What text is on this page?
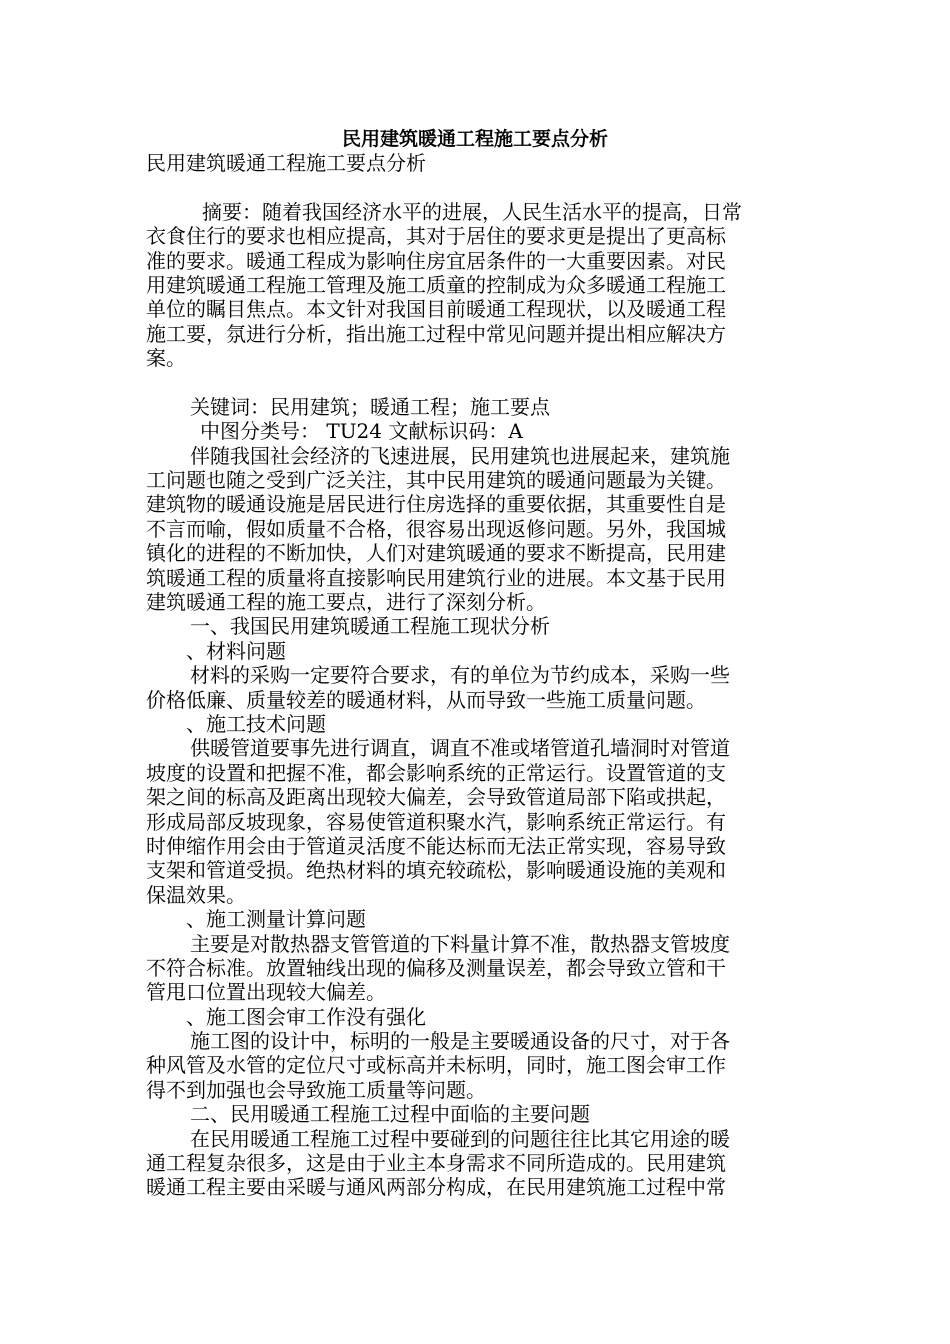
民用建筑暖通工程施工要点分析
民用建筑暖通工程施工要点分析
摘要：随着我国经济水平的进展，人民生活水平的提高，日常
衣食住行的要求也相应提高，其对于居住的要求更是提出了更高标
准的要求。暖通工程成为影响住房宜居条件的一大重要因素。对民
用建筑暖通工程施工管理及施工质童的控制成为众多暖通工程施工
单位的瞩目焦点。本文针对我国目前暖通工程现状，以及暖通工程
施工要，氛进行分析，指出施工过程中常见问题并提出相应解决方
案。
关键词：民用建筑；暖通工程；施工要点
中图分类号： TU24 文献标识码：A
伴随我国社会经济的飞速进展，民用建筑也进展起来，建筑施
工问题也随之受到广泛关注，其中民用建筑的暖通问题最为关键。
建筑物的暖通设施是居民进行住房选择的重要依据，其重要性自是
不言而喻，假如质量不合格，很容易出现返修问题。另外，我国城
镇化的进程的不断加快，人们对建筑暖通的要求不断提高，民用建
筑暖通工程的质量将直接影响民用建筑行业的进展。本文基于民用
建筑暖通工程的施工要点，进行了深刻分析。
一、我国民用建筑暖通工程施工现状分析
、材料问题
材料的采购一定要符合要求，有的单位为节约成本，采购一些
价格低廉、质量较差的暖通材料，从而导致一些施工质量问题。
、施工技术问题
供暖管道要事先进行调直，调直不准或堵管道孔墙洞时对管道
坡度的设置和把握不准，都会影响系统的正常运行。设置管道的支
架之间的标高及距离出现较大偏差，会导致管道局部下陷或拱起，
形成局部反坡现象，容易使管道积聚水汽，影响系统正常运行。有
时伸缩作用会由于管道灵活度不能达标而无法正常实现，容易导致
支架和管道受损。绝热材料的填充较疏松，影响暖通设施的美观和
保温效果。
、施工测量计算问题
主要是对散热器支管管道的下料量计算不准，散热器支管坡度
不符合标准。放置轴线出现的偏移及测量误差，都会导致立管和干
管甩口位置出现较大偏差。
、施工图会审工作没有强化
施工图的设计中，标明的一般是主要暖通设备的尺寸，对于各
种风管及水管的定位尺寸或标高并未标明，同时，施工图会审工作
得不到加强也会导致施工质量等问题。
二、民用暖通工程施工过程中面临的主要问题
在民用暖通工程施工过程中要碰到的问题往往比其它用途的暖
通工程复杂很多，这是由于业主本身需求不同所造成的。民用建筑
暖通工程主要由采暖与通风两部分构成，在民用建筑施工过程中常
